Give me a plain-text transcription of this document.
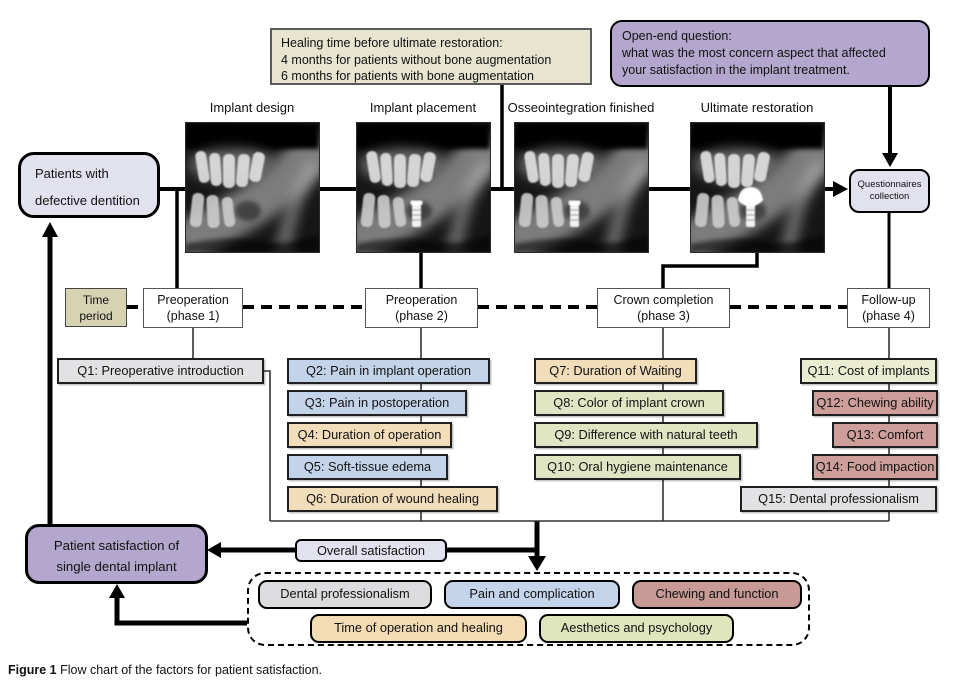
Healing time before ultimate restoration:
4 months for patients without bone augmentation
6 months for patients with bone augmentation
Open-end question:
what was the most concern aspect that affected
your satisfaction in the implant treatment.
Patients with
defective dentition
Questionnaires
collection
Implant design	Implant placement	Osseointegration finished	Ultimate restoration
Time
period
Preoperation
(phase 1)
Preoperation
(phase 2)
Crown completion
(phase 3)
Follow-up
(phase 4)
Q1: Preoperative introduction	Q2: Pain in implant operation
Q3: Pain in postoperation
Q4: Duration of operation
Q5: Soft-tissue edema
Q6: Duration of wound healing
Q7: Duration of Waiting
Q8: Color of implant crown
Q9: Difference with natural teeth
Q10: Oral hygiene maintenance
Q11: Cost of implants
Q12: Chewing ability
Q13: Comfort
Q14: Food impaction
Q15: Dental professionalism
Patient satisfaction of
single dental implant
Overall satisfaction
Dental professionalism	Pain and complication	Chewing and function
Time of operation and healing	Aesthetics and psychology
Figure 1 Flow chart of the factors for patient satisfaction.
